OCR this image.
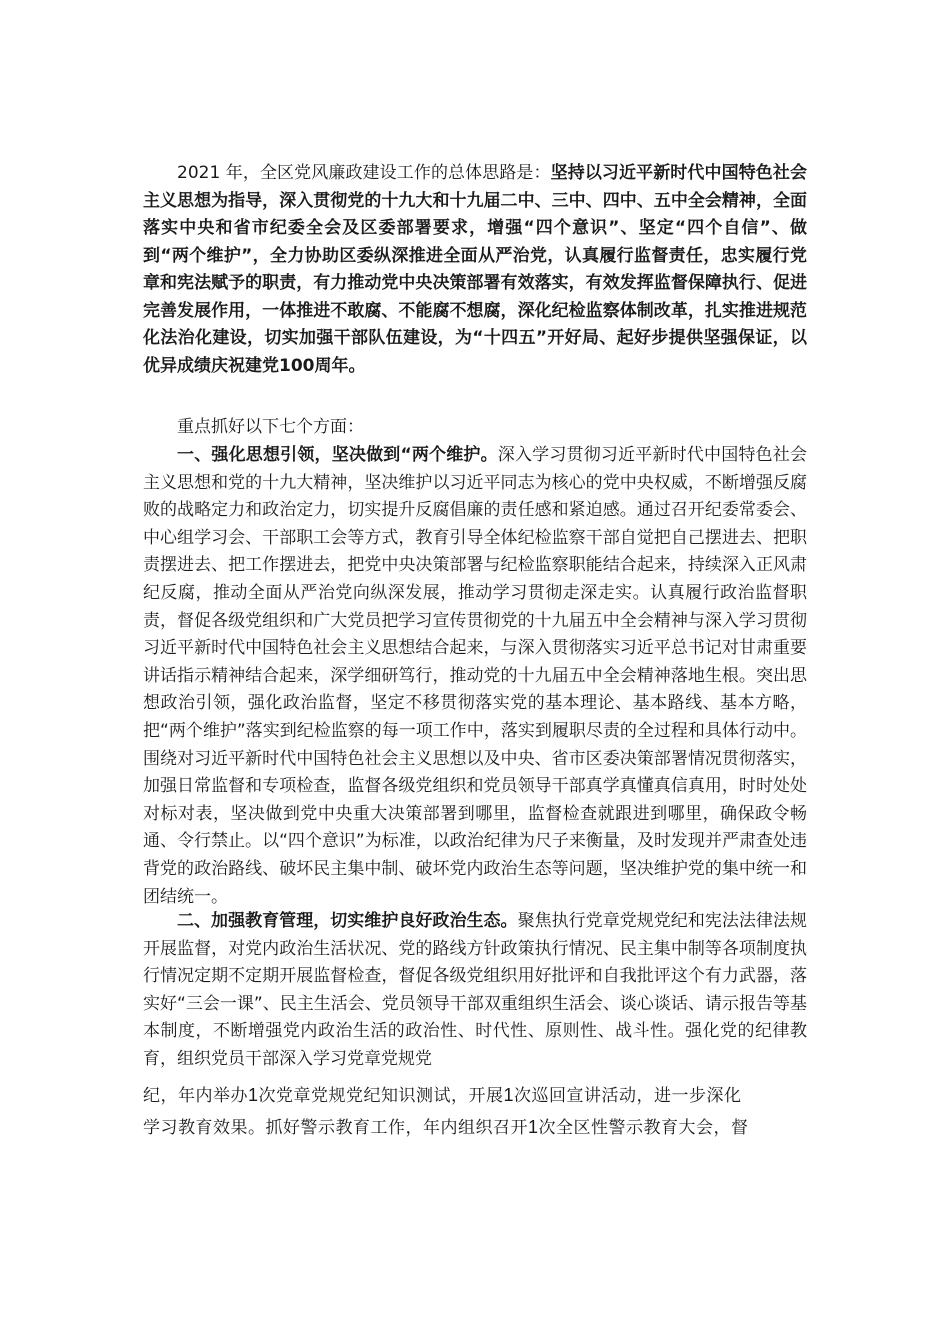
2021 年，全区党风廉政建设工作的总体思路是：坚持以习近平新时代中国特色社会主义思想为指导，深入贯彻党的十九大和十九届二中、三中、四中、五中全会精神，全面落实中央和省市纪委全会及区委部署要求，增强“四个意识”、坚定“四个自信”、做到“两个维护”，全力协助区委纵深推进全面从严治党，认真履行监督责任，忠实履行党章和宪法赋予的职责，有力推动党中央决策部署有效落实，有效发挥监督保障执行、促进完善发展作用，一体推进不敢腐、不能腐不想腐，深化纪检监察体制改革，扎实推进规范化法治化建设，切实加强干部队伍建设，为“十四五”开好局、起好步提供坚强保证，以优异成绩庆祝建党100周年。

重点抓好以下七个方面：

一、强化思想引领，坚决做到“两个维护。深入学习贯彻习近平新时代中国特色社会主义思想和党的十九大精神，坚决维护以习近平同志为核心的党中央权威，不断增强反腐败的战略定力和政治定力，切实提升反腐倡廉的责任感和紧迫感。通过召开纪委常委会、中心组学习会、干部职工会等方式，教育引导全体纪检监察干部自觉把自己摆进去、把职责摆进去、把工作摆进去，把党中央决策部署与纪检监察职能结合起来，持续深入正风肃纪反腐，推动全面从严治党向纵深发展，推动学习贯彻走深走实。认真履行政治监督职责，督促各级党组织和广大党员把学习宣传贯彻党的十九届五中全会精神与深入学习贯彻习近平新时代中国特色社会主义思想结合起来，与深入贯彻落实习近平总书记对甘肃重要讲话指示精神结合起来，深学细研笃行，推动党的十九届五中全会精神落地生根。突出思想政治引领，强化政治监督，坚定不移贯彻落实党的基本理论、基本路线、基本方略，把“两个维护”落实到纪检监察的每一项工作中，落实到履职尽责的全过程和具体行动中。围绕对习近平新时代中国特色社会主义思想以及中央、省市区委决策部署情况贯彻落实，加强日常监督和专项检查，监督各级党组织和党员领导干部真学真懂真信真用，时时处处对标对表，坚决做到党中央重大决策部署到哪里，监督检查就跟进到哪里，确保政令畅通、令行禁止。以“四个意识”为标准，以政治纪律为尺子来衡量，及时发现并严肃查处违背党的政治路线、破坏民主集中制、破坏党内政治生态等问题，坚决维护党的集中统一和团结统一。

二、加强教育管理，切实维护良好政治生态。聚焦执行党章党规党纪和宪法法律法规开展监督，对党内政治生活状况、党的路线方针政策执行情况、民主集中制等各项制度执行情况定期不定期开展监督检查，督促各级党组织用好批评和自我批评这个有力武器，落实好“三会一课”、民主生活会、党员领导干部双重组织生活会、谈心谈话、请示报告等基本制度，不断增强党内政治生活的政治性、时代性、原则性、战斗性。强化党的纪律教育，组织党员干部深入学习党章党规党

纪，年内举办1次党章党规党纪知识测试，开展1次巡回宣讲活动，进一步深化

学习教育效果。抓好警示教育工作，年内组织召开1次全区性警示教育大会，督
